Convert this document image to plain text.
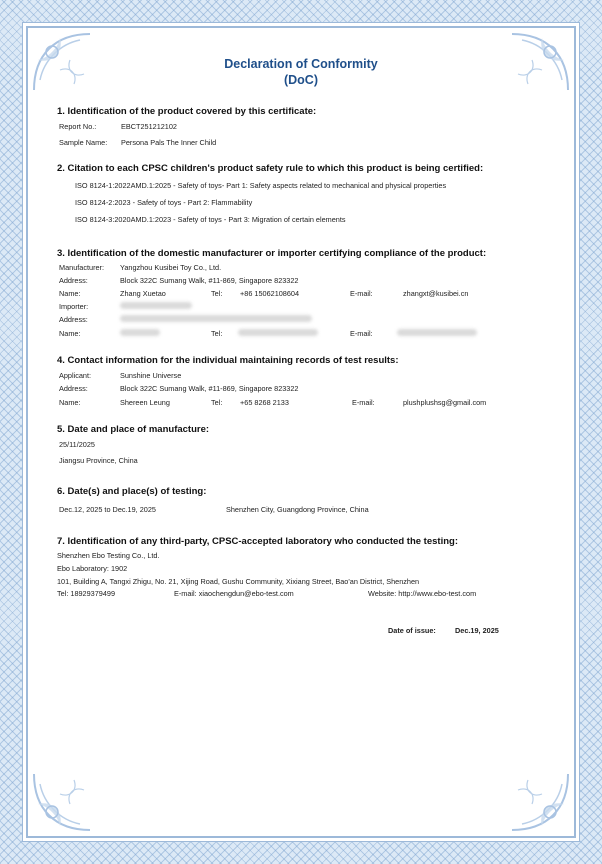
Declaration of Conformity
(DoC)
1. Identification of the product covered by this certificate:
Report No.:	EBCT251212102
Sample Name: Persona Pals The Inner Child
2. Citation to each CPSC children's product safety rule to which this product is being certified:
ISO 8124-1:2022AMD.1:2025 - Safety of toys- Part 1: Safety aspects related to mechanical and physical properties
ISO 8124-2:2023 - Safety of toys - Part 2: Flammability
ISO 8124-3:2020AMD.1:2023 - Safety of toys - Part 3: Migration of certain elements
3. Identification of the domestic manufacturer or importer certifying compliance of the product:
Manufacturer: Yangzhou Kusibei Toy Co., Ltd.
Address:	Block 322C Sumang Walk, #11-869, Singapore 823322
Name:	Zhang Xuetao	Tel: +86 15062108604	E-mail:	zhangxt@kusibei.cn
Importer:
Address:
Name:	Tel:	E-mail:
4. Contact information for the individual maintaining records of test results:
Applicant:	Sunshine Universe
Address:	Block 322C Sumang Walk, #11-869, Singapore 823322
Name:	Shereen Leung	Tel: +65 8268 2133	E-mail:	plushplushsg@gmail.com
5. Date and place of manufacture:
25/11/2025
Jiangsu Province, China
6. Date(s) and place(s) of testing:
Dec.12, 2025 to Dec.19, 2025	Shenzhen City, Guangdong Province, China
7. Identification of any third-party, CPSC-accepted laboratory who conducted the testing:
Shenzhen Ebo Testing Co., Ltd.
Ebo Laboratory: 1902
101, Building A, Tangxi Zhigu, No. 21, Xijing Road, Gushu Community, Xixiang Street, Bao'an District, Shenzhen
Tel: 18929379499	E-mail: xiaochengdun@ebo-test.com	Website: http://www.ebo-test.com
Date of issue:	Dec.19, 2025
